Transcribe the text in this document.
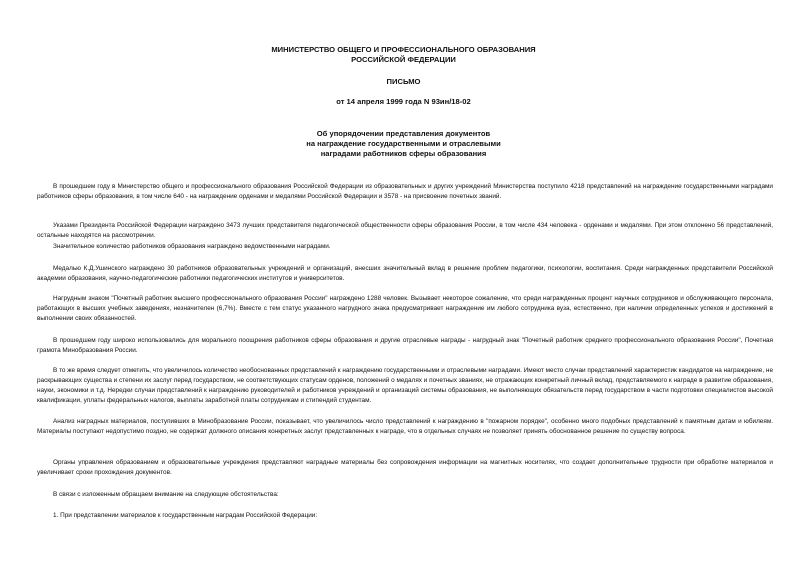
МИНИСТЕРСТВО ОБЩЕГО И ПРОФЕССИОНАЛЬНОГО ОБРАЗОВАНИЯ
РОССИЙСКОЙ ФЕДЕРАЦИИ
ПИСЬМО
от 14 апреля 1999 года N 93ин/18-02
Об упорядочении представления документов
на награждение государственными и отраслевыми
наградами работников сферы образования

В прошедшем году в Министерство общего и профессионального образования Российской Федерации из образовательных и других учреждений Министерства поступило 4218 представлений на награждение государственными наградами работников сферы образования, в том числе 640 - на награждение орденами и медалями Российской Федерации и 3578 - на присвоение почетных званий.

Указами Президента Российской Федерации награждено 3473 лучших представителя педагогической общественности сферы образования России, в том числе 434 человека - орденами и медалями. При этом отклонено 56 представлений, остальные находятся на рассмотрении.

Значительное количество работников образования награждено ведомственными наградами.

Медалью К.Д.Ушинского награждено 30 работников образовательных учреждений и организаций, внесших значительный вклад в решение проблем педагогики, психологии, воспитания. Среди награжденных представители Российской академии образования, научно-педагогические работники педагогических институтов и университетов.

Нагрудным знаком "Почетный работник высшего профессионального образования России" награждено 1288 человек. Вызывает некоторое сожаление, что среди награжденных процент научных сотрудников и обслуживающего персонала, работающих в высших учебных заведениях, незначителен (6,7%). Вместе с тем статус указанного нагрудного знака предусматривает награждение им любого сотрудника вуза, естественно, при наличии определенных успехов и достижений в выполнении своих обязанностей.

В прошедшем году широко использовались для морального поощрения работников сферы образования и другие отраслевые награды - нагрудный знак "Почетный работник среднего профессионального образования России", Почетная грамота Минобразования России.

В то же время следует отметить, что увеличилось количество необоснованных представлений к награждению государственными и отраслевыми наградами. Имеют место случаи представлений характеристик кандидатов на награждение, не раскрывающих существа и степени их заслуг перед государством, не соответствующих статусам орденов, положений о медалях и почетных званиях, не отражающих конкретный личный вклад, представляемого к награде в развитие образования, науки, экономики и т.д. Нередки случаи представлений к награждению руководителей и работников учреждений и организаций системы образования, не выполняющих обязательств перед государством в части подготовки специалистов высокой квалификации, уплаты федеральных налогов, выплаты заработной платы сотрудникам и стипендий студентам.

Анализ наградных материалов, поступивших в Минобразование России, показывает, что увеличилось число представлений к награждению в "пожарном порядке", особенно много подобных представлений к памятным датам и юбилеям. Материалы поступают недопустимо поздно, не содержат должного описания конкретных заслуг представленных к награде, что в отдельных случаях не позволяет принять обоснованное решение по существу вопроса.

Органы управления образованием и образовательные учреждения представляют наградные материалы без сопровождения информации на магнитных носителях, что создает дополнительные трудности при обработке материалов и увеличивает сроки прохождения документов.

В связи с изложенным обращаем внимание на следующие обстоятельства:

1. При представлении материалов к государственным наградам Российской Федерации:
